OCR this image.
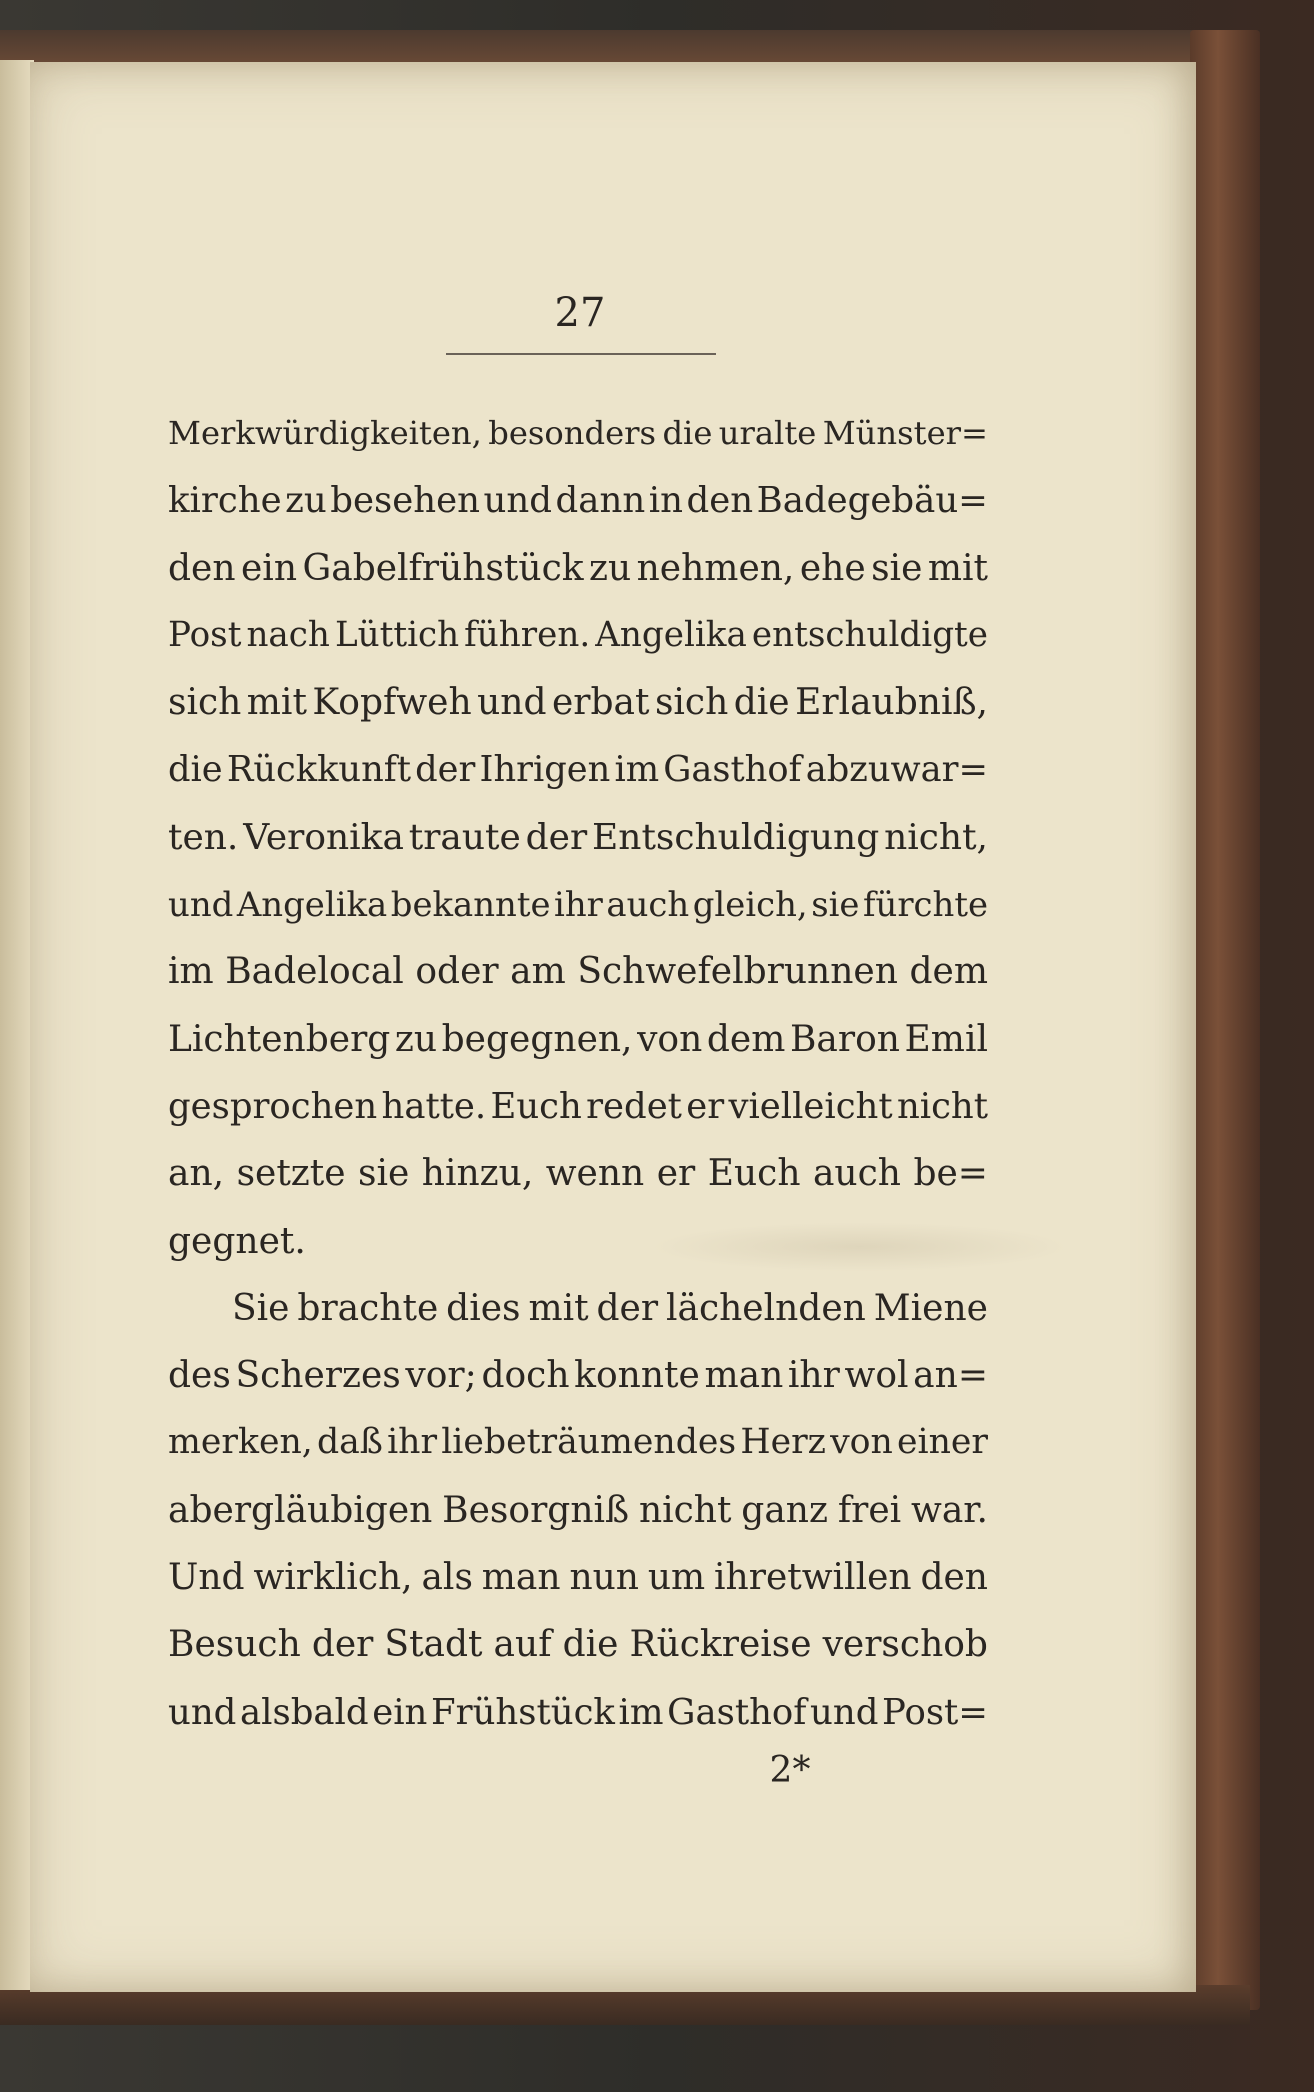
27
Merkwürdigkeiten, besonders die uralte Münster=
kirche zu besehen und dann in den Badegebäu=
den ein Gabelfrühstück zu nehmen, ehe sie mit
Post nach Lüttich führen. Angelika entschuldigte
sich mit Kopfweh und erbat sich die Erlaubniß,
die Rückkunft der Ihrigen im Gasthof abzuwar=
ten. Veronika traute der Entschuldigung nicht,
und Angelika bekannte ihr auch gleich, sie fürchte
im Badelocal oder am Schwefelbrunnen dem
Lichtenberg zu begegnen, von dem Baron Emil
gesprochen hatte. Euch redet er vielleicht nicht
an, setzte sie hinzu, wenn er Euch auch be=
gegnet.
Sie brachte dies mit der lächelnden Miene
des Scherzes vor; doch konnte man ihr wol an=
merken, daß ihr liebeträumendes Herz von einer
abergläubigen Besorgniß nicht ganz frei war.
Und wirklich, als man nun um ihretwillen den
Besuch der Stadt auf die Rückreise verschob
und alsbald ein Frühstück im Gasthof und Post=
2*
